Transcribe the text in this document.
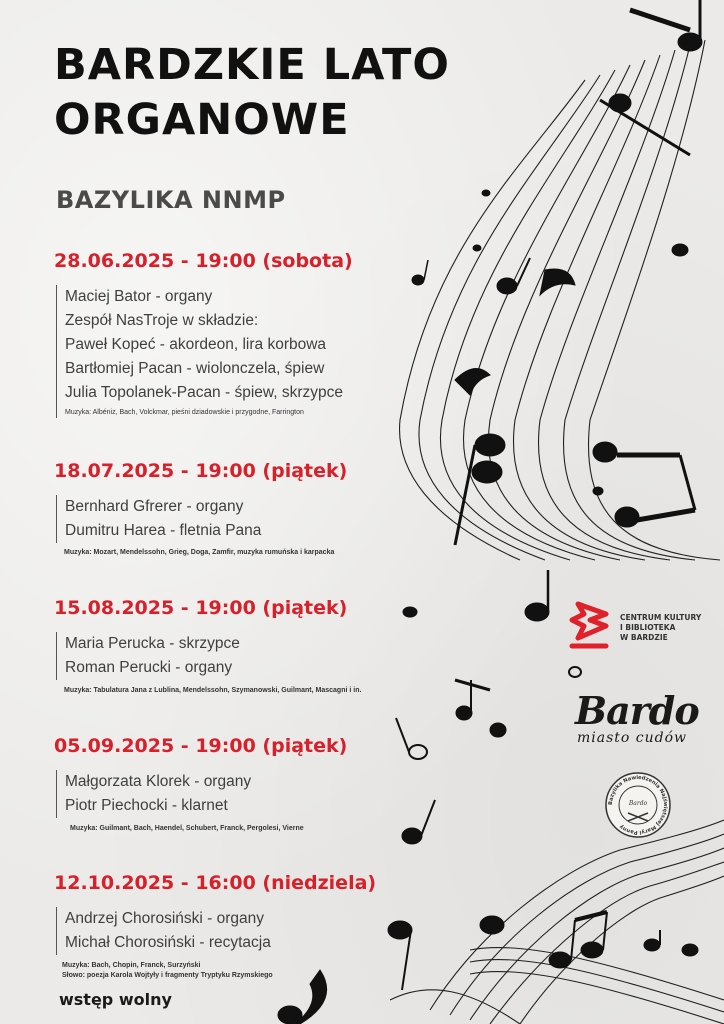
BARDZKIE LATO
ORGANOWE
BAZYLIKA NNMP
28.06.2025 - 19:00 (sobota)
Maciej Bator - organy
Zespół NasTroje w składzie:
Paweł Kopeć - akordeon, lira korbowa
Bartłomiej Pacan - wiolonczela, śpiew
Julia Topolanek-Pacan - śpiew, skrzypce
Muzyka: Albéniz, Bach, Volckmar, pieśni dziadowskie i przygodne, Farrington
18.07.2025 - 19:00 (piątek)
Bernhard Gfrerer - organy
Dumitru Harea - fletnia Pana
Muzyka: Mozart, Mendelssohn, Grieg, Doga, Zamfir, muzyka rumuńska i karpacka
15.08.2025 - 19:00 (piątek)
Maria Perucka - skrzypce
Roman Perucki - organy
Muzyka: Tabulatura Jana z Lublina, Mendelssohn, Szymanowski, Guilmant, Mascagni i in.
05.09.2025 - 19:00 (piątek)
Małgorzata Klorek - organy
Piotr Piechocki - klarnet
Muzyka: Guilmant, Bach, Haendel, Schubert, Franck, Pergolesi, Vierne
12.10.2025 - 16:00 (niedziela)
Andrzej Chorosiński - organy
Michał Chorosiński - recytacja
Muzyka: Bach, Chopin, Franck, Surzyński
Słowo: poezja Karola Wojtyły i fragmenty Tryptyku Rzymskiego
wstęp wolny
CENTRUM KULTURY
I BIBLIOTEKA
W BARDZIE
Bardo
miasto cudów
Bazylika Nawiedzenia Najświętszej Maryi Panny
Bardo
